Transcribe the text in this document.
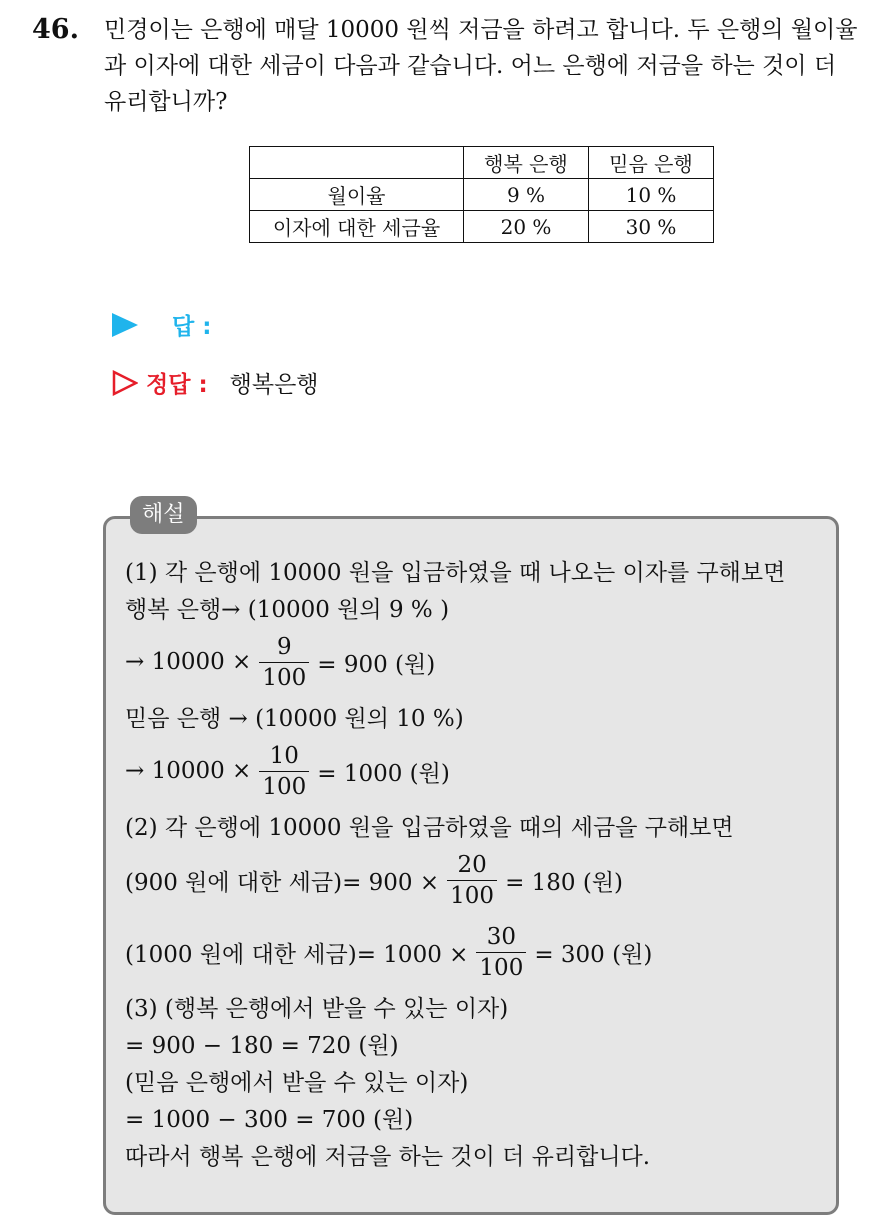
46. 민경이는 은행에 매달 10000 원씩 저금을 하려고 합니다. 두 은행의 월이율과 이자에 대한 세금이 다음과 같습니다. 어느 은행에 저금을 하는 것이 더 유리합니까?
	행복 은행	믿음 은행
월이율	9 %	10 %
이자에 대한 세금율	20 %	30 %
답 :
정답 : 행복은행
해설
(1) 각 은행에 10000 원을 입금하였을 때 나오는 이자를 구해보면
행복 은행→ (10000 원의 9 % )
→ $10000 \times \frac{9}{100} = 900$ (원)
믿음 은행 → (10000 원의 10 %)
→ $10000 \times \frac{10}{100} = 1000$ (원)
(2) 각 은행에 10000 원을 입금하였을 때의 세금을 구해보면
(900 원에 대한 세금)= $900 \times \frac{20}{100} = 180$ (원)
(1000 원에 대한 세금)= $1000 \times \frac{30}{100} = 300$ (원)
(3) (행복 은행에서 받을 수 있는 이자)
= 900 − 180 = 720 (원)
(믿음 은행에서 받을 수 있는 이자)
= 1000 − 300 = 700 (원)
따라서 행복 은행에 저금을 하는 것이 더 유리합니다.
